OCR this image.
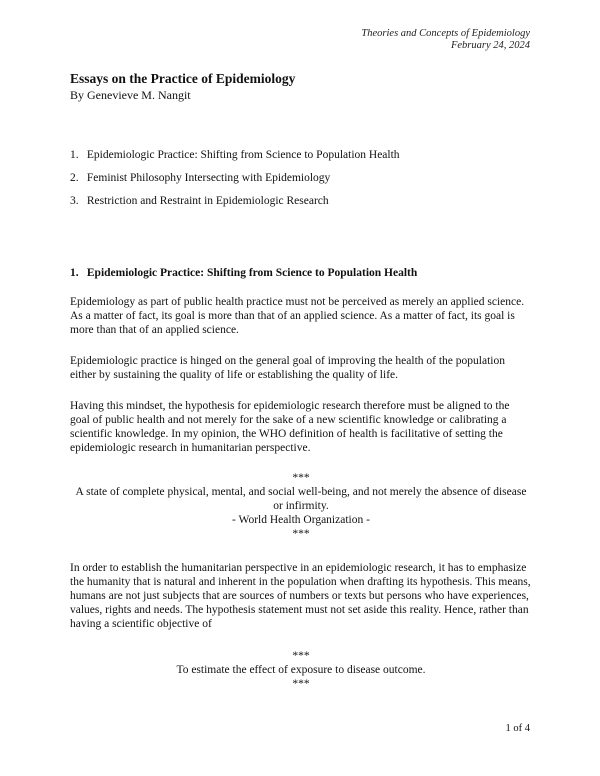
Theories and Concepts of Epidemiology
February 24, 2024
Essays on the Practice of Epidemiology
By Genevieve M. Nangit
1. Epidemiologic Practice: Shifting from Science to Population Health
2. Feminist Philosophy Intersecting with Epidemiology
3. Restriction and Restraint in Epidemiologic Research
1. Epidemiologic Practice: Shifting from Science to Population Health

Epidemiology as part of public health practice must not be perceived as merely an applied science. As a matter of fact, its goal is more than that of an applied science. As a matter of fact, its goal is more than that of an applied science.

Epidemiologic practice is hinged on the general goal of improving the health of the population either by sustaining the quality of life or establishing the quality of life.

Having this mindset, the hypothesis for epidemiologic research therefore must be aligned to the goal of public health and not merely for the sake of a new scientific knowledge or calibrating a scientific knowledge. In my opinion, the WHO definition of health is facilitative of setting the epidemiologic research in humanitarian perspective.

***
A state of complete physical, mental, and social well-being, and not merely the absence of disease or infirmity.
- World Health Organization -
***

In order to establish the humanitarian perspective in an epidemiologic research, it has to emphasize the humanity that is natural and inherent in the population when drafting its hypothesis. This means, humans are not just subjects that are sources of numbers or texts but persons who have experiences, values, rights and needs. The hypothesis statement must not set aside this reality. Hence, rather than having a scientific objective of

***
To estimate the effect of exposure to disease outcome.
***
1 of 4
